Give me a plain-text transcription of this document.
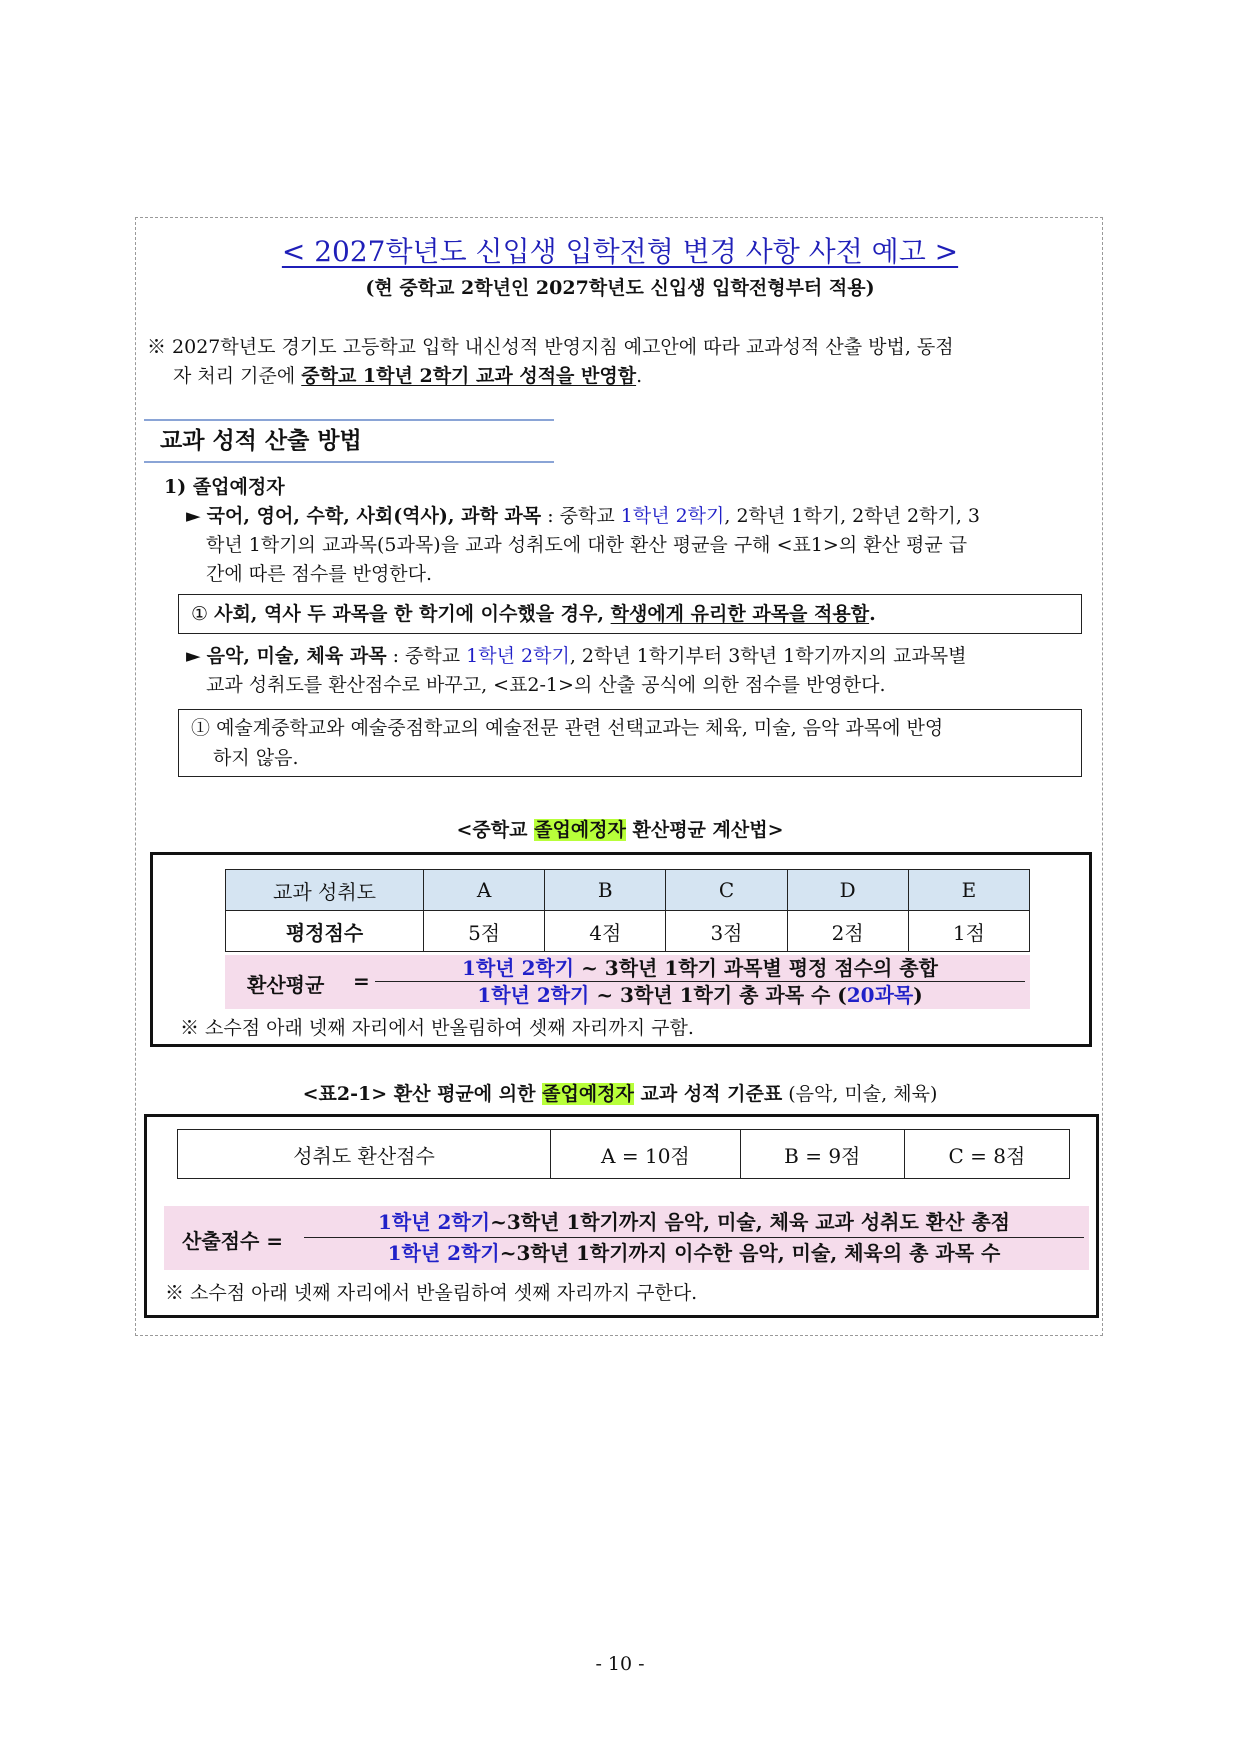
< 2027학년도 신입생 입학전형 변경 사항 사전 예고 >
(현 중학교 2학년인 2027학년도 신입생 입학전형부터 적용)
※ 2027학년도 경기도 고등학교 입학 내신성적 반영지침 예고안에 따라 교과성적 산출 방법, 동점
자 처리 기준에 중학교 1학년 2학기 교과 성적을 반영함.
교과 성적 산출 방법
1) 졸업예정자
► 국어, 영어, 수학, 사회(역사), 과학 과목 : 중학교 1학년 2학기, 2학년 1학기, 2학년 2학기, 3
학년 1학기의 교과목(5과목)을 교과 성취도에 대한 환산 평균을 구해 <표1>의 환산 평균 급
간에 따른 점수를 반영한다.
① 사회, 역사 두 과목을 한 학기에 이수했을 경우, 학생에게 유리한 과목을 적용함.
► 음악, 미술, 체육 과목 : 중학교 1학년 2학기, 2학년 1학기부터 3학년 1학기까지의 교과목별
교과 성취도를 환산점수로 바꾸고, <표2-1>의 산출 공식에 의한 점수를 반영한다.
① 예술계중학교와 예술중점학교의 예술전문 관련 선택교과는 체육, 미술, 음악 과목에 반영
하지 않음.
<중학교 졸업예정자 환산평균 계산법>
교과 성취도	A	B	C	D	E
평정점수	5점	4점	3점	2점	1점
환산평균 =
1학년 2학기 ~ 3학년 1학기 과목별 평정 점수의 총합
1학년 2학기 ~ 3학년 1학기 총 과목 수 (20과목)
※ 소수점 아래 넷째 자리에서 반올림하여 셋째 자리까지 구함.
<표2-1> 환산 평균에 의한 졸업예정자 교과 성적 기준표 (음악, 미술, 체육)
성취도 환산점수	A = 10점	B = 9점	C = 8점
산출점수 =
1학년 2학기~3학년 1학기까지 음악, 미술, 체육 교과 성취도 환산 총점
1학년 2학기~3학년 1학기까지 이수한 음악, 미술, 체육의 총 과목 수
※ 소수점 아래 넷째 자리에서 반올림하여 셋째 자리까지 구한다.
- 10 -
